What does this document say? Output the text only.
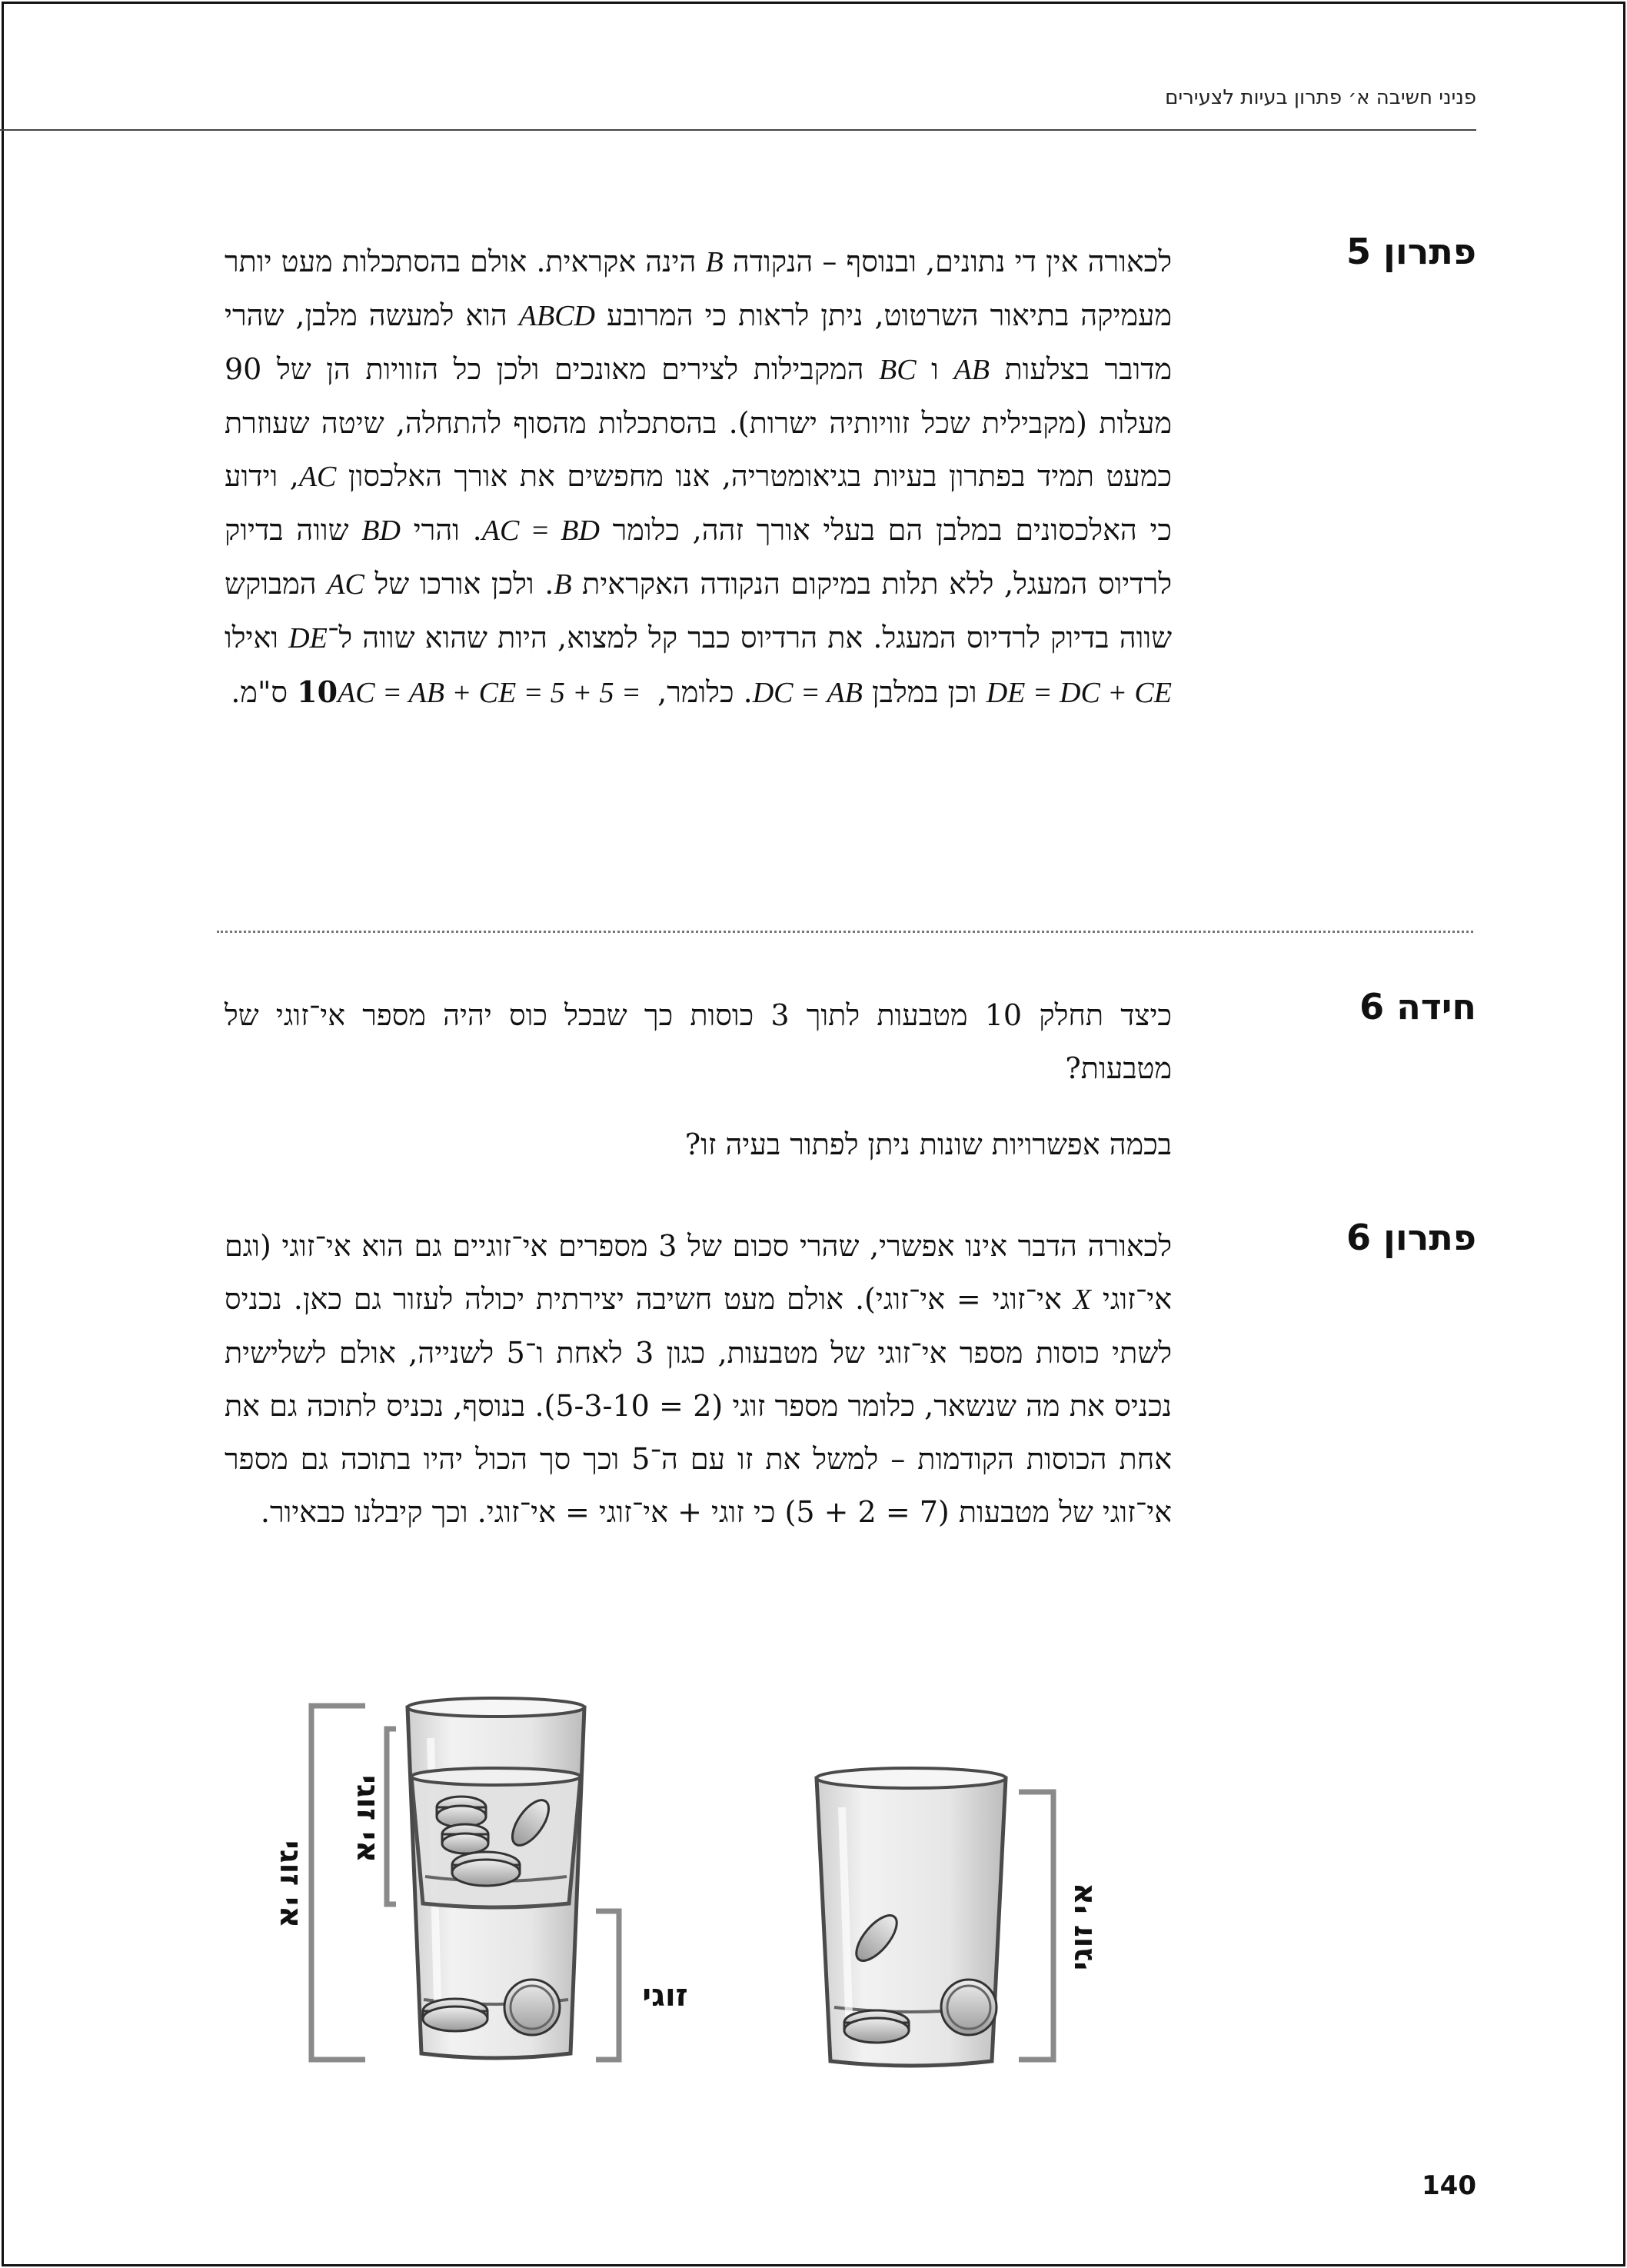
פניני חשיבה א׳ פתרון בעיות לצעירים
פתרון 5

לכאורה אין די נתונים, ובנוסף – הנקודה B הינה אקראית. אולם בהסתכלות מעט יותר מעמיקה בתיאור השרטוט, ניתן לראות כי המרובע ABCD הוא למעשה מלבן, שהרי מדובר בצלעות AB ו BC המקבילות לצירים מאונכים ולכן כל הזוויות הן של 90 מעלות (מקבילית שכל זוויותיה ישרות). בהסתכלות מהסוף להתחלה, שיטה שעוזרת כמעט תמיד בפתרון בעיות בגיאומטריה, אנו מחפשים את אורך האלכסון AC, וידוע כי האלכסונים במלבן הם בעלי אורך זהה, כלומר AC = BD. והרי BD שווה בדיוק לרדיוס המעגל, ללא תלות במיקום הנקודה האקראית B. ולכן אורכו של AC המבוקש שווה בדיוק לרדיוס המעגל. את הרדיוס כבר קל למצוא, היות שהוא שווה ל־DE ואילו DE = DC + CE וכן במלבן DC = AB. כלומר, AC = AB + CE = 5 + 5 = 10 ס"מ.

חידה 6

כיצד תחלק 10 מטבעות לתוך 3 כוסות כך שבכל כוס יהיה מספר אי־זוגי של מטבעות?

בכמה אפשרויות שונות ניתן לפתור בעיה זו?

פתרון 6

לכאורה הדבר אינו אפשרי, שהרי סכום של 3 מספרים אי־זוגיים גם הוא אי־זוגי (וגם אי־זוגי X אי־זוגי = אי־זוגי). אולם מעט חשיבה יצירתית יכולה לעזור גם כאן. נכניס לשתי כוסות מספר אי־זוגי של מטבעות, כגון 3 לאחת ו־5 לשנייה, אולם לשלישית נכניס את מה שנשאר, כלומר מספר זוגי (2 = 5-3-10). בנוסף, נכניס לתוכה גם את אחת הכוסות הקודמות – למשל את זו עם ה־5 וכך סך הכול יהיו בתוכה גם מספר אי־זוגי של מטבעות (7 = 2 + 5) כי זוגי + אי־זוגי = אי־זוגי. וכך קיבלנו כבאיור.

אי זוגי
אי זוגי
זוגי
אי זוגי
140
